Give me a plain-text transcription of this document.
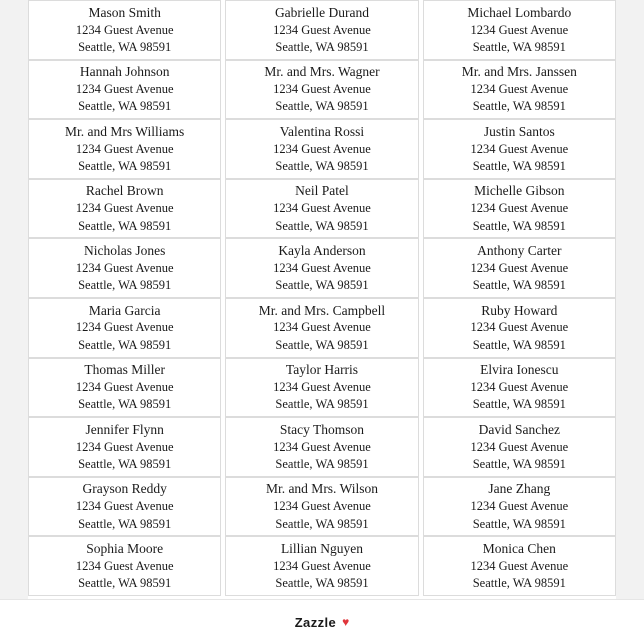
Mason Smith
1234 Guest Avenue
Seattle, WA 98591
Gabrielle Durand
1234 Guest Avenue
Seattle, WA 98591
Michael Lombardo
1234 Guest Avenue
Seattle, WA 98591
Hannah Johnson
1234 Guest Avenue
Seattle, WA 98591
Mr. and Mrs. Wagner
1234 Guest Avenue
Seattle, WA 98591
Mr. and Mrs. Janssen
1234 Guest Avenue
Seattle, WA 98591
Mr. and Mrs Williams
1234 Guest Avenue
Seattle, WA 98591
Valentina Rossi
1234 Guest Avenue
Seattle, WA 98591
Justin Santos
1234 Guest Avenue
Seattle, WA 98591
Rachel Brown
1234 Guest Avenue
Seattle, WA 98591
Neil Patel
1234 Guest Avenue
Seattle, WA 98591
Michelle Gibson
1234 Guest Avenue
Seattle, WA 98591
Nicholas Jones
1234 Guest Avenue
Seattle, WA 98591
Kayla Anderson
1234 Guest Avenue
Seattle, WA 98591
Anthony Carter
1234 Guest Avenue
Seattle, WA 98591
Maria Garcia
1234 Guest Avenue
Seattle, WA 98591
Mr. and Mrs. Campbell
1234 Guest Avenue
Seattle, WA 98591
Ruby Howard
1234 Guest Avenue
Seattle, WA 98591
Thomas Miller
1234 Guest Avenue
Seattle, WA 98591
Taylor Harris
1234 Guest Avenue
Seattle, WA 98591
Elvira Ionescu
1234 Guest Avenue
Seattle, WA 98591
Jennifer Flynn
1234 Guest Avenue
Seattle, WA 98591
Stacy Thomson
1234 Guest Avenue
Seattle, WA 98591
David Sanchez
1234 Guest Avenue
Seattle, WA 98591
Grayson Reddy
1234 Guest Avenue
Seattle, WA 98591
Mr. and Mrs. Wilson
1234 Guest Avenue
Seattle, WA 98591
Jane Zhang
1234 Guest Avenue
Seattle, WA 98591
Sophia Moore
1234 Guest Avenue
Seattle, WA 98591
Lillian Nguyen
1234 Guest Avenue
Seattle, WA 98591
Monica Chen
1234 Guest Avenue
Seattle, WA 98591
Zazzle ♥
